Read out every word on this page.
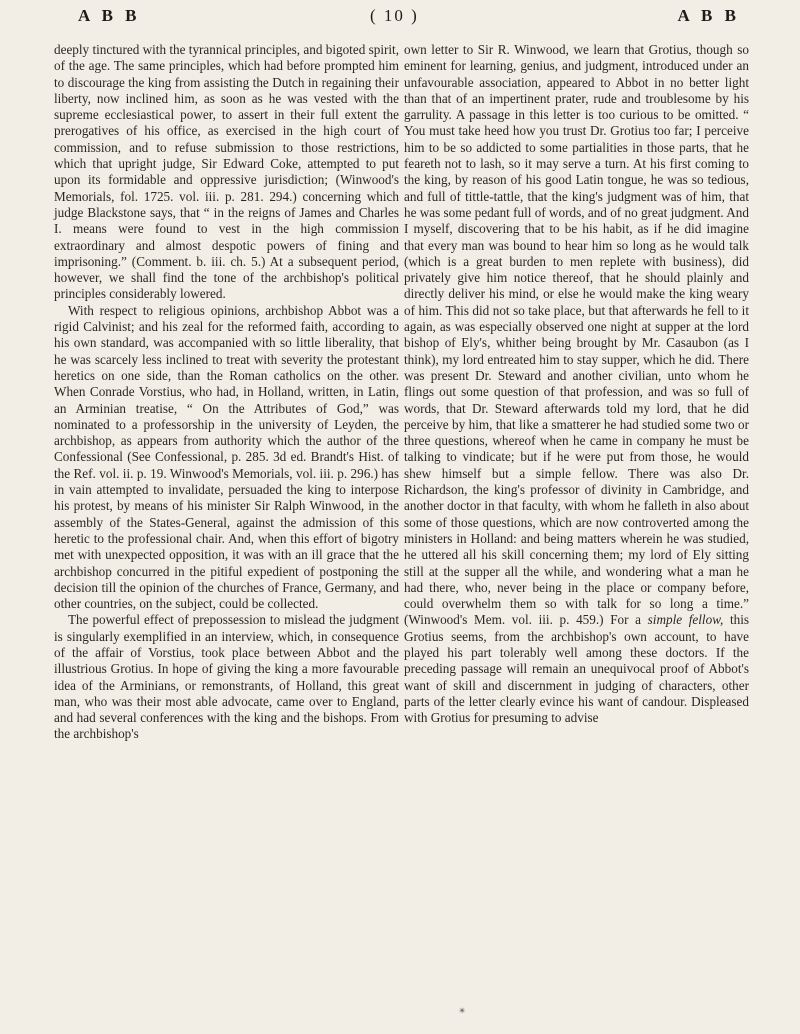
A B B	( 10 )	A B B

deeply tinctured with the tyrannical principles, and bigoted spirit, of the age. The same principles, which had before prompted him to discourage the king from assisting the Dutch in regaining their liberty, now inclined him, as soon as he was vested with the supreme ecclesiastical power, to assert in their full extent the prerogatives of his office, as exercised in the high court of commission, and to refuse submission to those restrictions, which that upright judge, Sir Edward Coke, attempted to put upon its formidable and oppressive jurisdiction; (Winwood's Memorials, fol. 1725. vol. iii. p. 281. 294.) concerning which judge Blackstone says, that “ in the reigns of James and Charles I. means were found to vest in the high commission extraordinary and almost despotic powers of fining and imprisoning.” (Comment. b. iii. ch. 5.) At a subsequent period, however, we shall find the tone of the archbishop's political principles considerably lowered.

With respect to religious opinions, archbishop Abbot was a rigid Calvinist; and his zeal for the reformed faith, according to his own standard, was accompanied with so little liberality, that he was scarcely less inclined to treat with severity the protestant heretics on one side, than the Roman catholics on the other. When Conrade Vorstius, who had, in Holland, written, in Latin, an Arminian treatise, “ On the Attributes of God,” was nominated to a professorship in the university of Leyden, the archbishop, as appears from authority which the author of the Confessional (See Confessional, p. 285. 3d ed. Brandt's Hist. of the Ref. vol. ii. p. 19. Winwood's Memorials, vol. iii. p. 296.) has in vain attempted to invalidate, persuaded the king to interpose his protest, by means of his minister Sir Ralph Winwood, in the assembly of the States-General, against the admission of this heretic to the professional chair. And, when this effort of bigotry met with unexpected opposition, it was with an ill grace that the archbishop concurred in the pitiful expedient of postponing the decision till the opinion of the churches of France, Germany, and other countries, on the subject, could be collected.

The powerful effect of prepossession to mislead the judgment is singularly exemplified in an interview, which, in consequence of the affair of Vorstius, took place between Abbot and the illustrious Grotius. In hope of giving the king a more favourable idea of the Arminians, or remonstrants, of Holland, this great man, who was their most able advocate, came over to England, and had several conferences with the king and the bishops. From the archbishop's

own letter to Sir R. Winwood, we learn that Grotius, though so eminent for learning, genius, and judgment, introduced under an unfavourable association, appeared to Abbot in no better light than that of an impertinent prater, rude and troublesome by his garrulity. A passage in this letter is too curious to be omitted. “ You must take heed how you trust Dr. Grotius too far; I perceive him to be so addicted to some partialities in those parts, that he feareth not to lash, so it may serve a turn. At his first coming to the king, by reason of his good Latin tongue, he was so tedious, and full of tittle-tattle, that the king's judgment was of him, that he was some pedant full of words, and of no great judgment. And I myself, discovering that to be his habit, as if he did imagine that every man was bound to hear him so long as he would talk (which is a great burden to men replete with business), did privately give him notice thereof, that he should plainly and directly deliver his mind, or else he would make the king weary of him. This did not so take place, but that afterwards he fell to it again, as was especially observed one night at supper at the lord bishop of Ely's, whither being brought by Mr. Casaubon (as I think), my lord entreated him to stay supper, which he did. There was present Dr. Steward and another civilian, unto whom he flings out some question of that profession, and was so full of words, that Dr. Steward afterwards told my lord, that he did perceive by him, that like a smatterer he had studied some two or three questions, whereof when he came in company he must be talking to vindicate; but if he were put from those, he would shew himself but a simple fellow. There was also Dr. Richardson, the king's professor of divinity in Cambridge, and another doctor in that faculty, with whom he falleth in also about some of those questions, which are now controverted among the ministers in Holland: and being matters wherein he was studied, he uttered all his skill concerning them; my lord of Ely sitting still at the supper all the while, and wondering what a man he had there, who, never being in the place or company before, could overwhelm them so with talk for so long a time.” (Winwood's Mem. vol. iii. p. 459.) For a simple fellow, this Grotius seems, from the archbishop's own account, to have played his part tolerably well among these doctors. If the preceding passage will remain an unequivocal proof of Abbot's want of skill and discernment in judging of characters, other parts of the letter clearly evince his want of candour. Displeased with Grotius for presuming to advise

✴
